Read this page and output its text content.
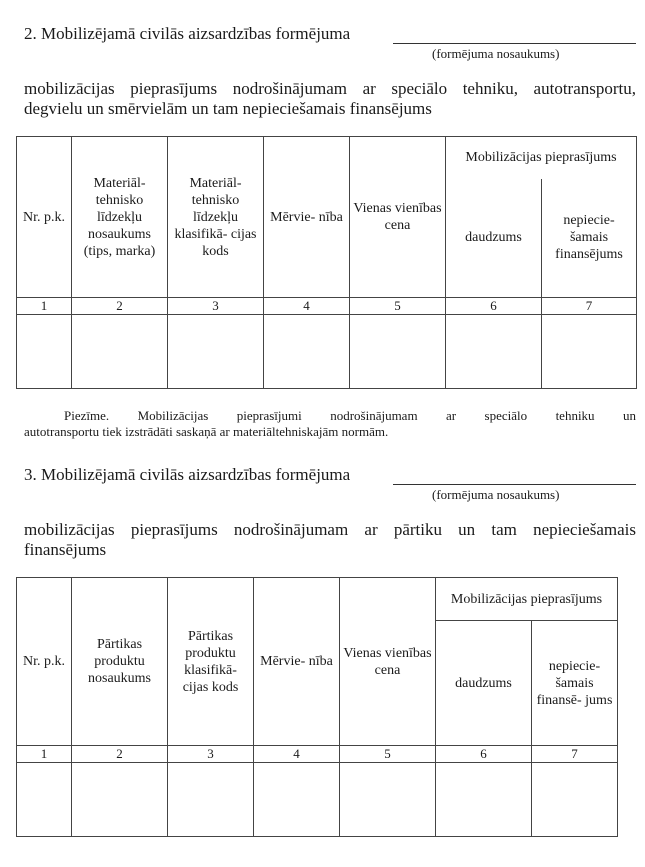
2. Mobilizējamā civilās aizsardzības formējuma
(formējuma nosaukums)
mobilizācijas pieprasījums nodrošinājumam ar speciālo tehniku, autotransportu,
degvielu un smērvielām un tam nepieciešamais finansējums
Nr. p.k.	Materiāl- tehnisko līdzekļu nosaukums (tips, marka)	Materiāl- tehnisko līdzekļu klasifikā- cijas kods	Mērvie- nība	Vienas vienības cena	Mobilizācijas pieprasījums	
					daudzums	nepiecie- šamais finansējums
1	2	3	4	5	6	7

Piezīme. Mobilizācijas pieprasījumi nodrošinājumam ar speciālo tehniku un
autotransportu tiek izstrādāti saskaņā ar materiāltehniskajām normām.
3. Mobilizējamā civilās aizsardzības formējuma
(formējuma nosaukums)
mobilizācijas pieprasījums nodrošinājumam ar pārtiku un tam nepieciešamais
finansējums
Nr. p.k.	Pārtikas produktu nosaukums	Pārtikas produktu klasifikā- cijas kods	Mērvie- nība	Vienas vienības cena	Mobilizācijas pieprasījums	
					daudzums	nepiecie- šamais finansē- jums
1	2	3	4	5	6	7
